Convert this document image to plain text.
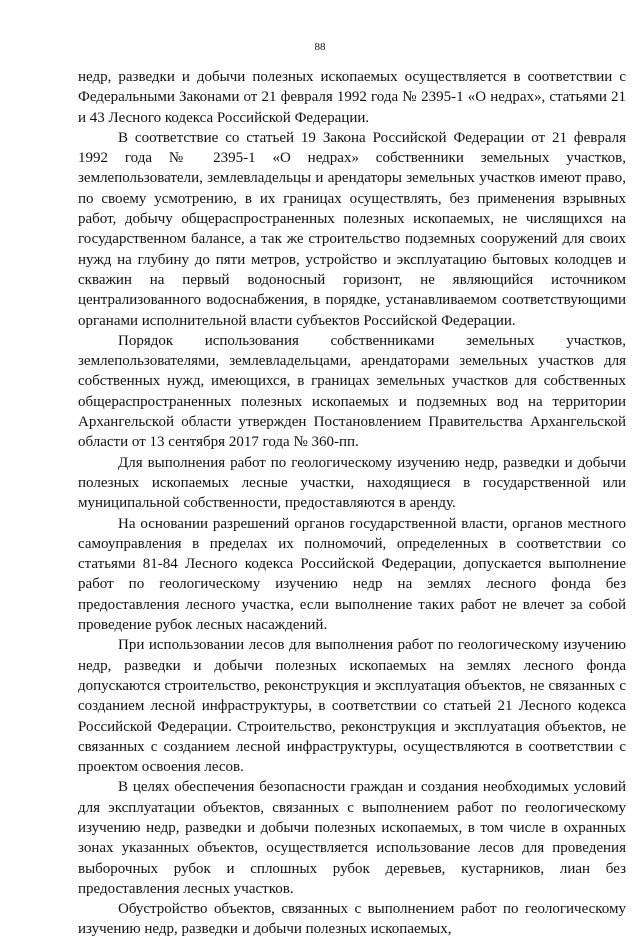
88

недр, разведки и добычи полезных ископаемых осуществляется в соответствии с Федеральными Законами от 21 февраля 1992 года № 2395-1 «О недрах», статьями 21 и 43 Лесного кодекса Российской Федерации.

В соответствие со статьей 19 Закона Российской Федерации от 21 февраля 1992 года № 2395-1 «О недрах» собственники земельных участков, землепользователи, землевладельцы и арендаторы земельных участков имеют право, по своему усмотрению, в их границах осуществлять, без применения взрывных работ, добычу общераспространенных полезных ископаемых, не числящихся на государственном балансе, а так же строительство подземных сооружений для своих нужд на глубину до пяти метров, устройство и эксплуатацию бытовых колодцев и скважин на первый водоносный горизонт, не являющийся источником централизованного водоснабжения, в порядке, устанавливаемом соответствующими органами исполнительной власти субъектов Российской Федерации.

Порядок использования собственниками земельных участков, землепользователями, землевладельцами, арендаторами земельных участков для собственных нужд, имеющихся, в границах земельных участков для собственных общераспространенных полезных ископаемых и подземных вод на территории Архангельской области утвержден Постановлением Правительства Архангельской области от 13 сентября 2017 года № 360-пп.

Для выполнения работ по геологическому изучению недр, разведки и добычи полезных ископаемых лесные участки, находящиеся в государственной или муниципальной собственности, предоставляются в аренду.

На основании разрешений органов государственной власти, органов местного самоуправления в пределах их полномочий, определенных в соответствии со статьями 81-84 Лесного кодекса Российской Федерации, допускается выполнение работ по геологическому изучению недр на землях лесного фонда без предоставления лесного участка, если выполнение таких работ не влечет за собой проведение рубок лесных насаждений.

При использовании лесов для выполнения работ по геологическому изучению недр, разведки и добычи полезных ископаемых на землях лесного фонда допускаются строительство, реконструкция и эксплуатация объектов, не связанных с созданием лесной инфраструктуры, в соответствии со статьей 21 Лесного кодекса Российской Федерации. Строительство, реконструкция и эксплуатация объектов, не связанных с созданием лесной инфраструктуры, осуществляются в соответствии с проектом освоения лесов.

В целях обеспечения безопасности граждан и создания необходимых условий для эксплуатации объектов, связанных с выполнением работ по геологическому изучению недр, разведки и добычи полезных ископаемых, в том числе в охранных зонах указанных объектов, осуществляется использование лесов для проведения выборочных рубок и сплошных рубок деревьев, кустарников, лиан без предоставления лесных участков.

Обустройство объектов, связанных с выполнением работ по геологическому изучению недр, разведки и добычи полезных ископаемых,
